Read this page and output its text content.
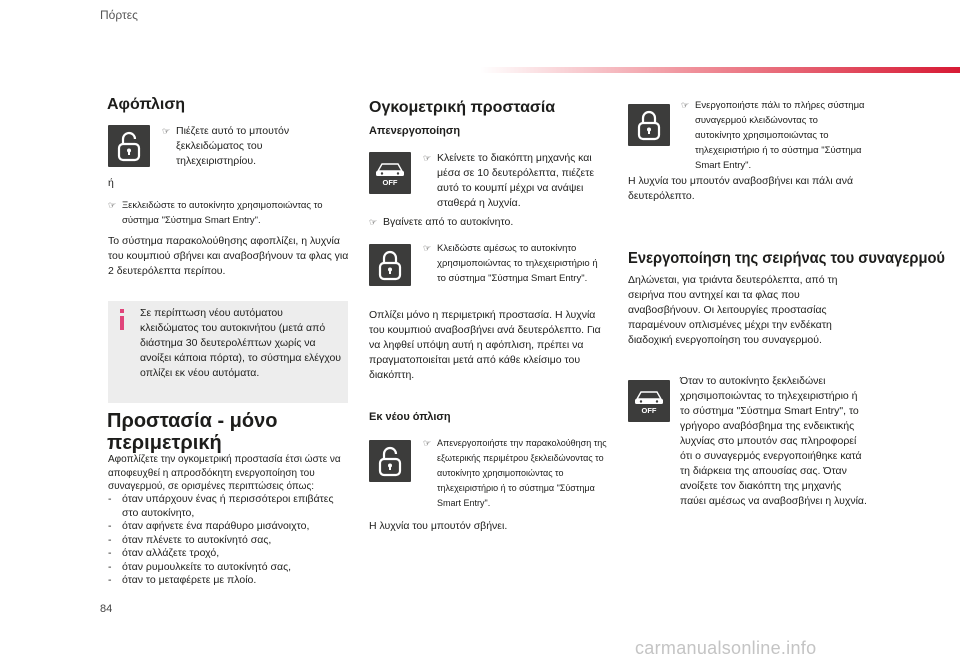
Πόρτες
Αφόπλιση
☞ Πιέζετε αυτό το μπουτόν ξεκλειδώματος του τηλεχειριστηρίου.
ή
☞ Ξεκλειδώστε το αυτοκίνητο χρησιμοποιώντας το σύστημα "Σύστημα Smart Entry".
Το σύστημα παρακολούθησης αφοπλίζει, η λυχνία του κουμπιού σβήνει και αναβοσβήνουν τα φλας για 2 δευτερόλεπτα περίπου.
Σε περίπτωση νέου αυτόματου κλειδώματος του αυτοκινήτου (μετά από διάστημα 30 δευτερολέπτων χωρίς να ανοίξει κάποια πόρτα), το σύστημα ελέγχου οπλίζει εκ νέου αυτόματα.
Προστασία - μόνο
περιμετρική
Αφοπλίζετε την ογκομετρική προστασία έτσι ώστε να αποφευχθεί η απροσδόκητη ενεργοποίηση του συναγερμού, σε ορισμένες περιπτώσεις όπως:
-	όταν υπάρχουν ένας ή περισσότεροι επιβάτες στο αυτοκίνητο,
-	όταν αφήνετε ένα παράθυρο μισάνοιχτο,
-	όταν πλένετε το αυτοκίνητό σας,
-	όταν αλλάζετε τροχό,
-	όταν ρυμουλκείτε το αυτοκίνητό σας,
-	όταν το μεταφέρετε με πλοίο.
84
Ογκομετρική προστασία
Απενεργοποίηση
OFF
☞ Κλείνετε το διακόπτη μηχανής και μέσα σε 10 δευτερόλεπτα, πιέζετε αυτό το κουμπί μέχρι να ανάψει σταθερά η λυχνία.
☞ Βγαίνετε από το αυτοκίνητο.
☞ Κλειδώστε αμέσως το αυτοκίνητο χρησιμοποιώντας το τηλεχειριστήριο ή το σύστημα "Σύστημα Smart Entry".
Οπλίζει μόνο η περιμετρική προστασία. Η λυχνία του κουμπιού αναβοσβήνει ανά δευτερόλεπτο. Για να ληφθεί υπόψη αυτή η αφόπλιση, πρέπει να πραγματοποιείται μετά από κάθε κλείσιμο του διακόπτη.
Εκ νέου όπλιση
☞ Απενεργοποιήστε την παρακολούθηση της εξωτερικής περιμέτρου ξεκλειδώνοντας το αυτοκίνητο χρησιμοποιώντας το τηλεχειριστήριο ή το σύστημα "Σύστημα Smart Entry".
Η λυχνία του μπουτόν σβήνει.
☞ Ενεργοποιήστε πάλι το πλήρες σύστημα συναγερμού κλειδώνοντας το αυτοκίνητο χρησιμοποιώντας το τηλεχειριστήριο ή το σύστημα "Σύστημα Smart Entry".
Η λυχνία του μπουτόν αναβοσβήνει και πάλι ανά δευτερόλεπτο.
Ενεργοποίηση της σειρήνας του συναγερμού
Δηλώνεται, για τριάντα δευτερόλεπτα, από τη σειρήνα που αντηχεί και τα φλας που αναβοσβήνουν. Οι λειτουργίες προστασίας παραμένουν οπλισμένες μέχρι την ενδέκατη διαδοχική ενεργοποίηση του συναγερμού.
OFF
Όταν το αυτοκίνητο ξεκλειδώνει χρησιμοποιώντας το τηλεχειριστήριο ή το σύστημα "Σύστημα Smart Entry", το γρήγορο αναβόσβημα της ενδεικτικής λυχνίας στο μπουτόν σας πληροφορεί ότι ο συναγερμός ενεργοποιήθηκε κατά τη διάρκεια της απουσίας σας. Όταν ανοίξετε τον διακόπτη της μηχανής παύει αμέσως να αναβοσβήνει η λυχνία.
carmanualsonline.info
